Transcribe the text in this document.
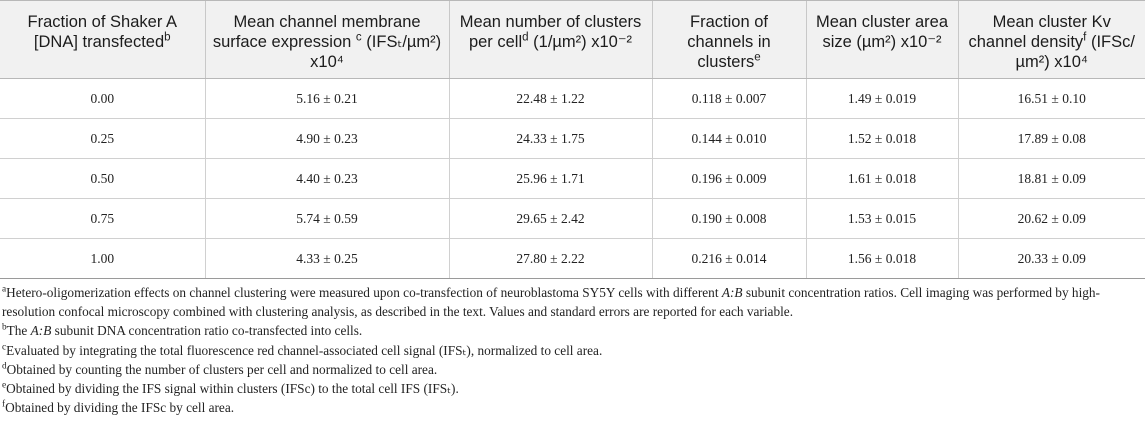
Fraction of Shaker A [DNA] transfected$^b$	Mean channel membrane surface expression $^c$ (IFSₜ/µm²) x10⁴	Mean number of clusters per cell$^d$ (1/µm²) x10⁻²	Fraction of channels in clusters$^e$	Mean cluster area size (µm²) x10⁻²	Mean cluster Kv channel density$^f$ (IFSc/µm²) x10⁴
0.00	5.16 ± 0.21	22.48 ± 1.22	0.118 ± 0.007	1.49 ± 0.019	16.51 ± 0.10
0.25	4.90 ± 0.23	24.33 ± 1.75	0.144 ± 0.010	1.52 ± 0.018	17.89 ± 0.08
0.50	4.40 ± 0.23	25.96 ± 1.71	0.196 ± 0.009	1.61 ± 0.018	18.81 ± 0.09
0.75	5.74 ± 0.59	29.65 ± 2.42	0.190 ± 0.008	1.53 ± 0.015	20.62 ± 0.09
1.00	4.33 ± 0.25	27.80 ± 2.22	0.216 ± 0.014	1.56 ± 0.018	20.33 ± 0.09

$^a$Hetero-oligomerization effects on channel clustering were measured upon co-transfection of neuroblastoma SY5Y cells with different A:B subunit concentration ratios. Cell imaging was performed by high-resolution confocal microscopy combined with clustering analysis, as described in the text. Values and standard errors are reported for each variable.

$^b$The A:B subunit DNA concentration ratio co-transfected into cells.

$^c$Evaluated by integrating the total fluorescence red channel-associated cell signal (IFSₜ), normalized to cell area.

$^d$Obtained by counting the number of clusters per cell and normalized to cell area.

$^e$Obtained by dividing the IFS signal within clusters (IFSc) to the total cell IFS (IFSₜ).

$^f$Obtained by dividing the IFSc by cell area.
